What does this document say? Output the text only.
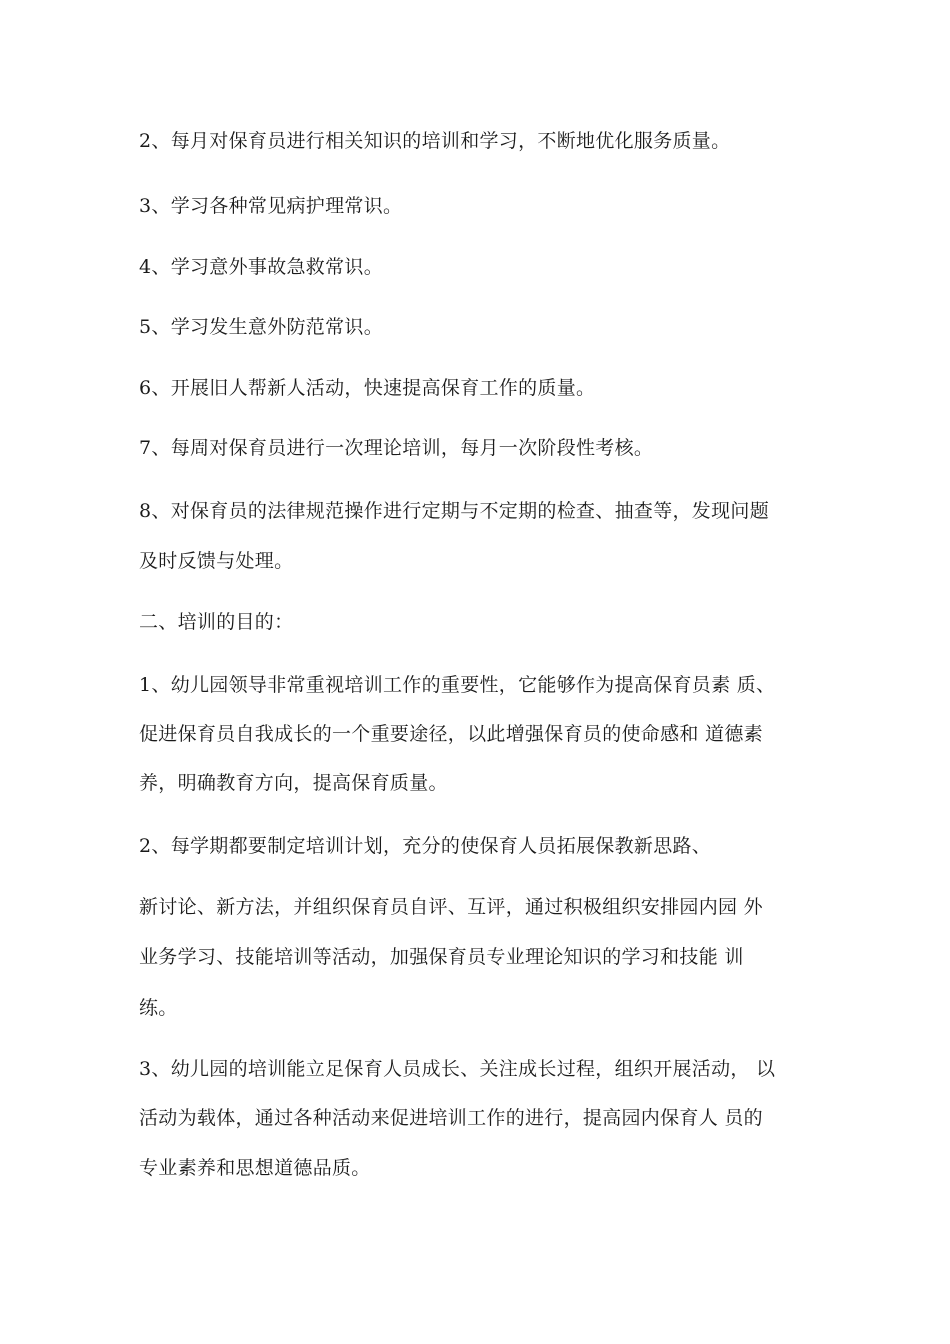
2、每月对保育员进行相关知识的培训和学习，不断地优化服务质量。
3、学习各种常见病护理常识。
4、学习意外事故急救常识。
5、学习发生意外防范常识。
6、开展旧人帮新人活动，快速提高保育工作的质量。
7、每周对保育员进行一次理论培训，每月一次阶段性考核。
8、对保育员的法律规范操作进行定期与不定期的检查、抽查等，发现问题
及时反馈与处理。
二、培训的目的：
1、幼儿园领导非常重视培训工作的重要性，它能够作为提高保育员素 质、
促进保育员自我成长的一个重要途径，以此增强保育员的使命感和 道德素
养，明确教育方向，提高保育质量。
2、每学期都要制定培训计划，充分的使保育人员拓展保教新思路、
新讨论、新方法，并组织保育员自评、互评，通过积极组织安排园内园 外
业务学习、技能培训等活动，加强保育员专业理论知识的学习和技能 训
练。
3、幼儿园的培训能立足保育人员成长、关注成长过程，组织开展活动， 以
活动为载体，通过各种活动来促进培训工作的进行，提高园内保育人 员的
专业素养和思想道德品质。
